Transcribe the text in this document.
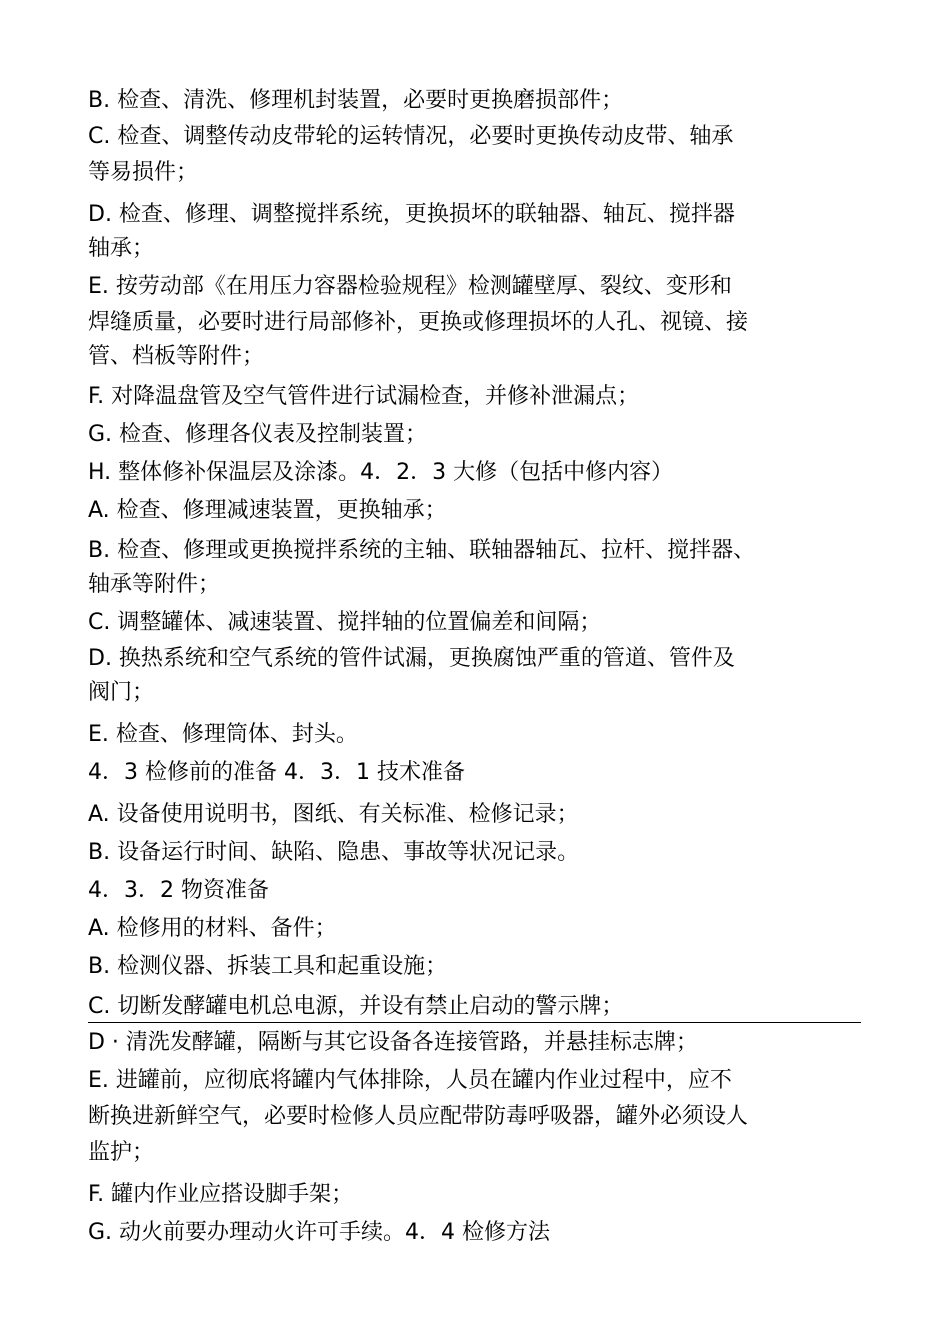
B. 检查、清洗、修理机封装置，必要时更换磨损部件；
C. 检查、调整传动皮带轮的运转情况，必要时更换传动皮带、轴承
等易损件；
D. 检查、修理、调整搅拌系统，更换损坏的联轴器、轴瓦、搅拌器
轴承；
E. 按劳动部《在用压力容器检验规程》检测罐壁厚、裂纹、变形和
焊缝质量，必要时进行局部修补，更换或修理损坏的人孔、视镜、接
管、档板等附件；
F. 对降温盘管及空气管件进行试漏检查，并修补泄漏点；
G. 检查、修理各仪表及控制装置；
H. 整体修补保温层及涂漆。4．2．3 大修（包括中修内容）
A. 检查、修理减速装置，更换轴承；
B. 检查、修理或更换搅拌系统的主轴、联轴器轴瓦、拉杆、搅拌器、
轴承等附件；
C. 调整罐体、减速装置、搅拌轴的位置偏差和间隔；
D. 换热系统和空气系统的管件试漏，更换腐蚀严重的管道、管件及
阀门；
E. 检查、修理筒体、封头。
4．3 检修前的准备 4．3．1 技术准备
A. 设备使用说明书，图纸、有关标准、检修记录；
B. 设备运行时间、缺陷、隐患、事故等状况记录。
4．3．2 物资准备
A. 检修用的材料、备件；
B. 检测仪器、拆装工具和起重设施；
C. 切断发酵罐电机总电源，并设有禁止启动的警示牌；
D · 清洗发酵罐，隔断与其它设备各连接管路，并悬挂标志牌；
E. 进罐前，应彻底将罐内气体排除，人员在罐内作业过程中，应不
断换进新鲜空气，必要时检修人员应配带防毒呼吸器，罐外必须设人
监护；
F. 罐内作业应搭设脚手架；
G. 动火前要办理动火许可手续。4．4 检修方法
